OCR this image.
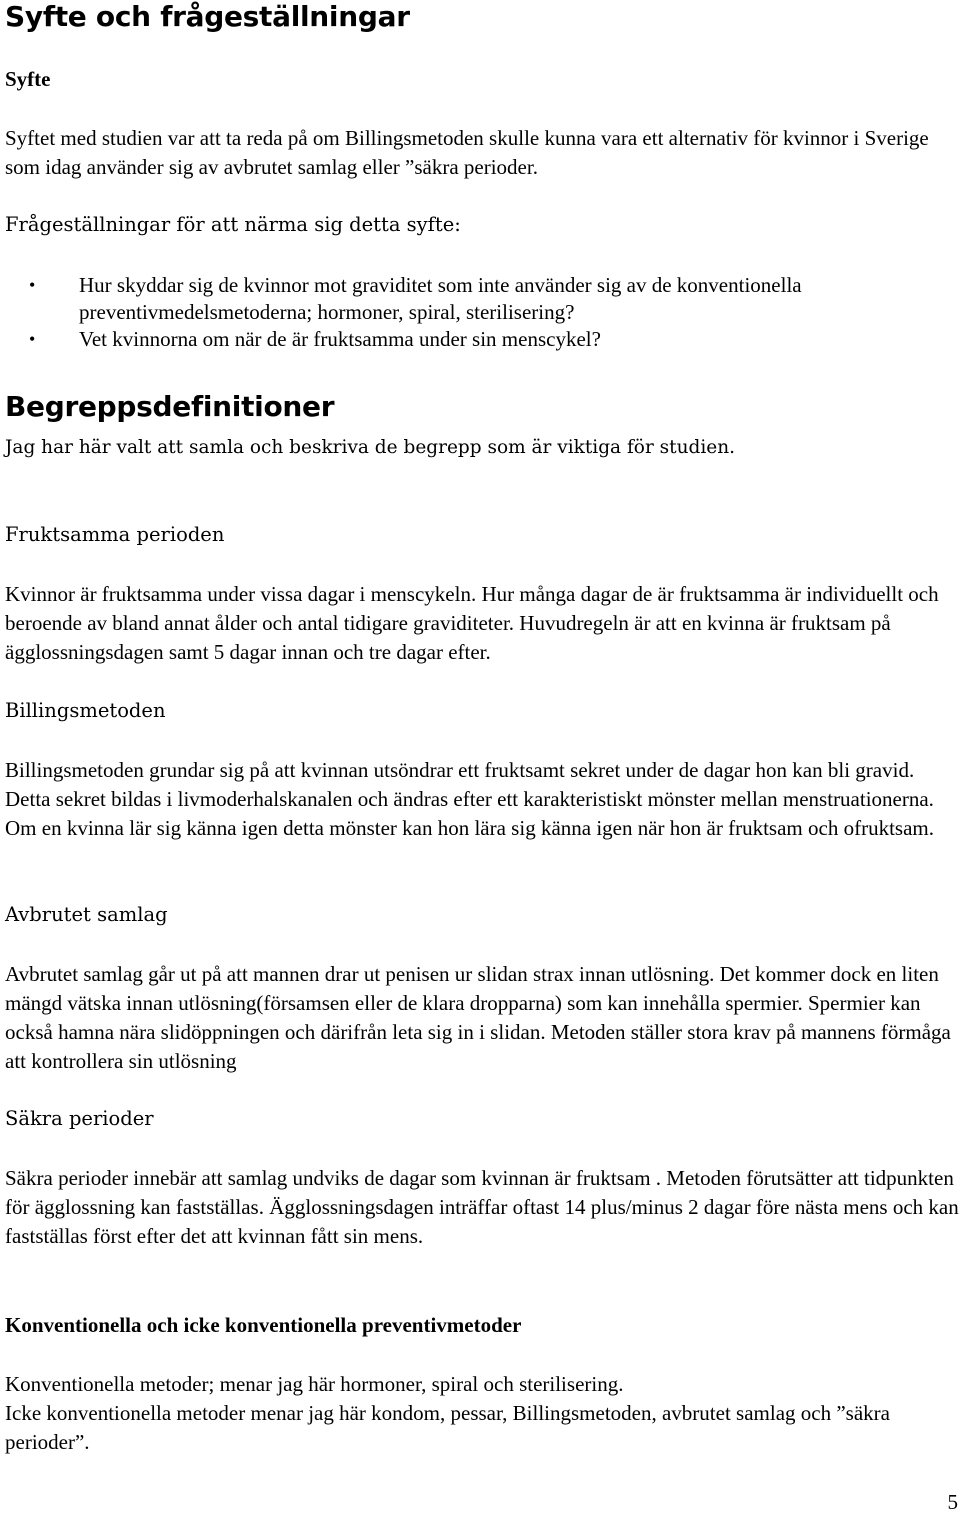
Syfte och frågeställningar
Syfte

Syftet med studien var att ta reda på om Billingsmetoden skulle kunna vara ett alternativ för kvinnor i Sverige som idag använder sig av avbrutet samlag eller ”säkra perioder.

Frågeställningar för att närma sig detta syfte:
• Hur skyddar sig de kvinnor mot graviditet som inte använder sig av de konventionella preventivmedelsmetoderna; hormoner, spiral, sterilisering?
• Vet kvinnorna om när de är fruktsamma under sin menscykel?
Begreppsdefinitioner

Jag har här valt att samla och beskriva de begrepp som är viktiga för studien.

Fruktsamma perioden

Kvinnor är fruktsamma under vissa dagar i menscykeln. Hur många dagar de är fruktsamma är individuellt och beroende av bland annat ålder och antal tidigare graviditeter. Huvudregeln är att en kvinna är fruktsam på ägglossningsdagen samt 5 dagar innan och tre dagar efter.

Billingsmetoden

Billingsmetoden grundar sig på att kvinnan utsöndrar ett fruktsamt sekret under de dagar hon kan bli gravid. Detta sekret bildas i livmoderhalskanalen och ändras efter ett karakteristiskt mönster mellan menstruationerna. Om en kvinna lär sig känna igen detta mönster kan hon lära sig känna igen när hon är fruktsam och ofruktsam.

Avbrutet samlag

Avbrutet samlag går ut på att mannen drar ut penisen ur slidan strax innan utlösning. Det kommer dock en liten mängd vätska innan utlösning(församsen eller de klara dropparna) som kan innehålla spermier. Spermier kan också hamna nära slidöppningen och därifrån leta sig in i slidan. Metoden ställer stora krav på mannens förmåga att kontrollera sin utlösning

Säkra perioder

Säkra perioder innebär att samlag undviks de dagar som kvinnan är fruktsam . Metoden förutsätter att tidpunkten för ägglossning kan fastställas. Ägglossningsdagen inträffar oftast 14 plus/minus 2 dagar före nästa mens och kan fastställas först efter det att kvinnan fått sin mens.

Konventionella och icke konventionella preventivmetoder

Konventionella metoder; menar jag här hormoner, spiral och sterilisering.

Icke konventionella metoder menar jag här kondom, pessar, Billingsmetoden, avbrutet samlag och ”säkra perioder”.

5
